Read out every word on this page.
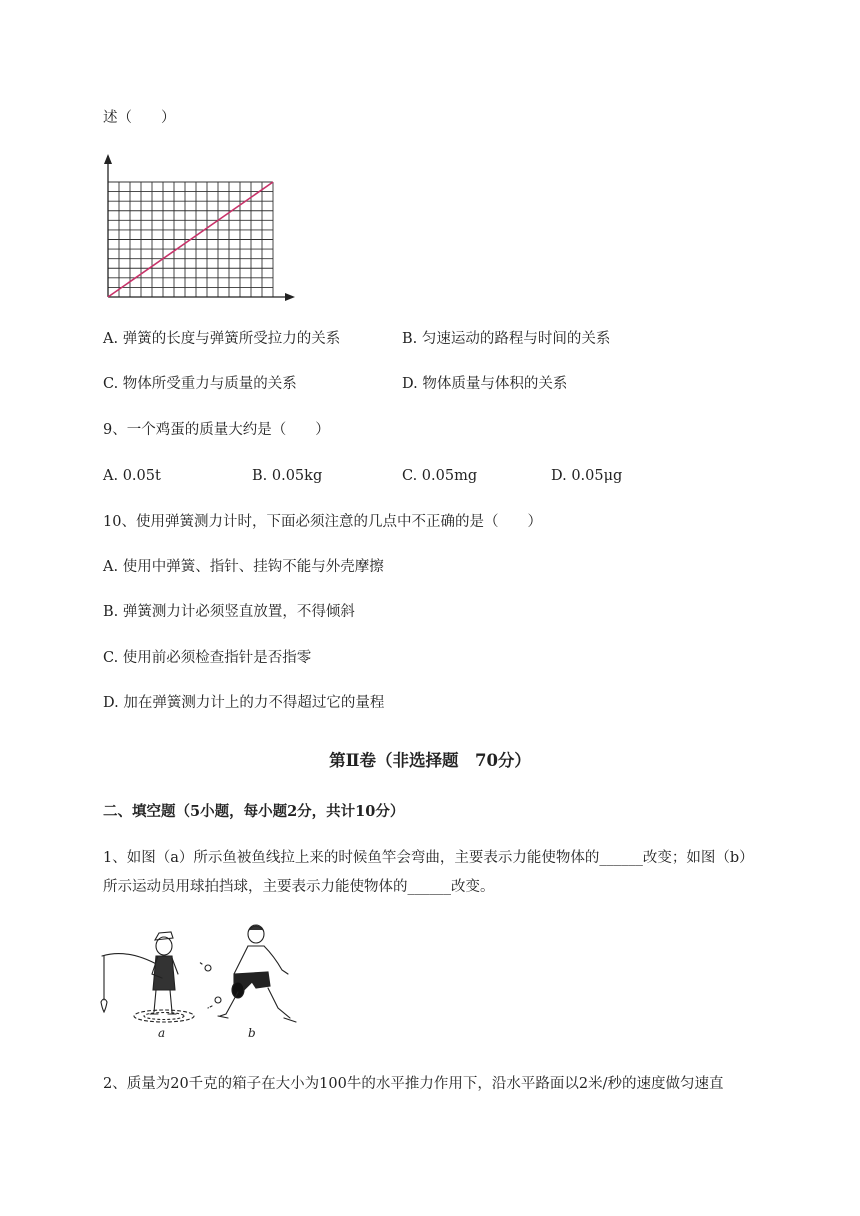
述（　　）
A. 弹簧的长度与弹簧所受拉力的关系	B. 匀速运动的路程与时间的关系
C. 物体所受重力与质量的关系	D. 物体质量与体积的关系
9、一个鸡蛋的质量大约是（　　）
A. 0.05t	B. 0.05kg	C. 0.05mg	D. 0.05μg
10、使用弹簧测力计时，下面必须注意的几点中不正确的是（　　）
A. 使用中弹簧、指针、挂钩不能与外壳摩擦
B. 弹簧测力计必须竖直放置，不得倾斜
C. 使用前必须检查指针是否指零
D. 加在弹簧测力计上的力不得超过它的量程
第Ⅱ卷（非选择题　70分）
二、填空题（5小题，每小题2分，共计10分）
1、如图（a）所示鱼被鱼线拉上来的时候鱼竿会弯曲，主要表示力能使物体的______改变；如图（b）
所示运动员用球拍挡球，主要表示力能使物体的______改变。
a	b
2、质量为20千克的箱子在大小为100牛的水平推力作用下，沿水平路面以2米/秒的速度做匀速直
